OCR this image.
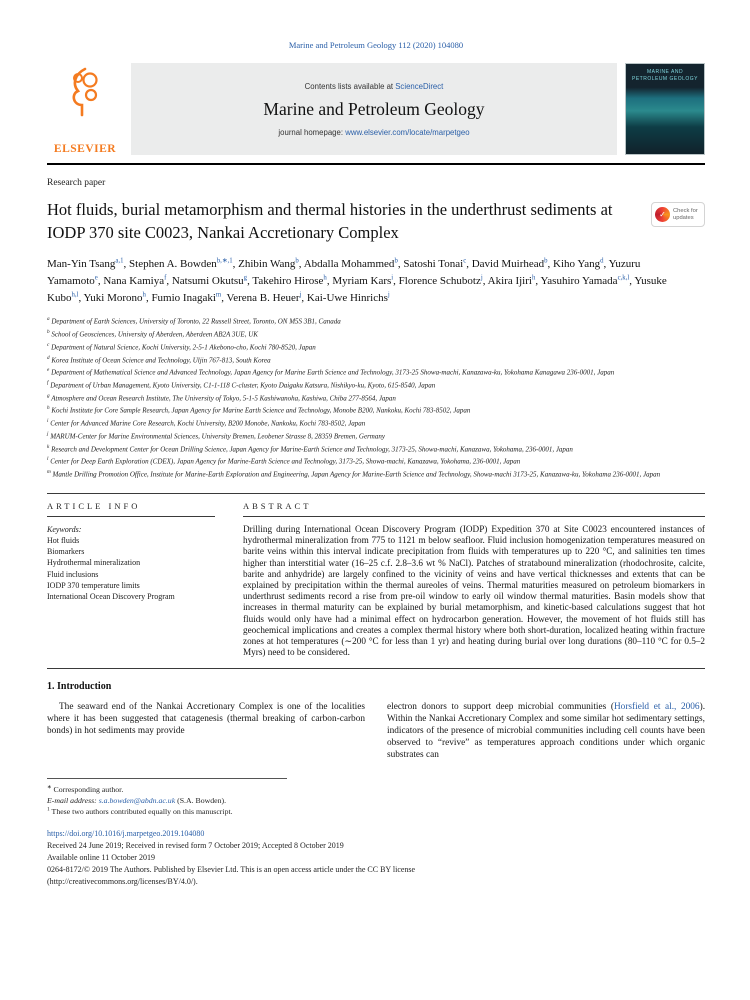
Marine and Petroleum Geology 112 (2020) 104080
ELSEVIER
Contents lists available at ScienceDirect
Marine and Petroleum Geology
journal homepage: www.elsevier.com/locate/marpetgeo
MARINE AND PETROLEUM GEOLOGY
Research paper
Hot fluids, burial metamorphism and thermal histories in the underthrust sediments at IODP 370 site C0023, Nankai Accretionary Complex
✓	Check for updates
Man-Yin Tsang$^{a,1}$, Stephen A. Bowden$^{b,∗,1}$, Zhibin Wang$^b$, Abdalla Mohammed$^b$, Satoshi Tonai$^c$, David Muirhead$^b$, Kiho Yang$^d$, Yuzuru Yamamoto$^e$, Nana Kamiya$^f$, Natsumi Okutsu$^g$, Takehiro Hirose$^h$, Myriam Kars$^i$, Florence Schubotz$^j$, Akira Ijiri$^h$, Yasuhiro Yamada$^{c,k,l}$, Yusuke Kubo$^{h,l}$, Yuki Morono$^h$, Fumio Inagaki$^m$, Verena B. Heuer$^j$, Kai-Uwe Hinrichs$^j$
$^a$ Department of Earth Sciences, University of Toronto, 22 Russell Street, Toronto, ON M5S 3B1, Canada
$^b$ School of Geosciences, University of Aberdeen, Aberdeen AB2A 3UE, UK
$^c$ Department of Natural Science, Kochi University, 2-5-1 Akebono-cho, Kochi 780-8520, Japan
$^d$ Korea Institute of Ocean Science and Technology, Uljin 767-813, South Korea
$^e$ Department of Mathematical Science and Advanced Technology, Japan Agency for Marine Earth Science and Technology, 3173-25 Showa-machi, Kanazawa-ku, Yokohama Kanagawa 236-0001, Japan
$^f$ Department of Urban Management, Kyoto University, C1-1-118 C-cluster, Kyoto Daigaku Katsura, Nishikyo-ku, Kyoto, 615-8540, Japan
$^g$ Atmosphere and Ocean Research Institute, The University of Tokyo, 5-1-5 Kashiwanoha, Kashiwa, Chiba 277-8564, Japan
$^h$ Kochi Institute for Core Sample Research, Japan Agency for Marine Earth Science and Technology, Monobe B200, Nankoku, Kochi 783-8502, Japan
$^i$ Center for Advanced Marine Core Research, Kochi University, B200 Monobe, Nankoku, Kochi 783-8502, Japan
$^j$ MARUM-Center for Marine Environmental Sciences, University Bremen, Leobener Strasse 8, 28359 Bremen, Germany
$^k$ Research and Development Center for Ocean Drilling Science, Japan Agency for Marine-Earth Science and Technology, 3173-25, Showa-machi, Kanazawa, Yokohama, 236-0001, Japan
$^l$ Center for Deep Earth Exploration (CDEX), Japan Agency for Marine-Earth Science and Technology, 3173-25, Showa-machi, Kanazawa, Yokohama, 236-0001, Japan
$^m$ Mantle Drilling Promotion Office, Institute for Marine-Earth Exploration and Engineering, Japan Agency for Marine-Earth Science and Technology, Showa-machi 3173-25, Kanazawa-ku, Yokohama 236-0001, Japan
ARTICLE INFO
Keywords:
Hot fluids
Biomarkers
Hydrothermal mineralization
Fluid inclusions
IODP 370 temperature limits
International Ocean Discovery Program
ABSTRACT
Drilling during International Ocean Discovery Program (IODP) Expedition 370 at Site C0023 encountered instances of hydrothermal mineralization from 775 to 1121 m below seafloor. Fluid inclusion homogenization temperatures measured on barite veins within this interval indicate precipitation from fluids with temperatures up to 220 °C, and salinities ten times higher than interstitial water (16–25 c.f. 2.8–3.6 wt % NaCl). Patches of stratabound mineralization (rhodochrosite, calcite, barite and anhydride) are largely confined to the vicinity of veins and have vertical thicknesses and extents that can be explained by precipitation within the thermal aureoles of veins. Thermal maturities measured on petroleum biomarkers in underthrust sediments record a rise from pre-oil window to early oil window thermal maturities. Basin models show that increases in thermal maturity can be explained by burial metamorphism, and kinetic-based calculations suggest that hot fluids would only have had a minimal effect on hydrocarbon generation. However, the movement of hot fluids still has geochemical implications and creates a complex thermal history where both short-duration, localized heating within fracture zones at hot temperatures (∼200 °C for less than 1 yr) and heating during burial over long durations (80–110 °C for 0.5–2 Myrs) need to be considered.
1. Introduction
The seaward end of the Nankai Accretionary Complex is one of the localities where it has been suggested that catagenesis (thermal breaking of carbon-carbon bonds) in hot sediments may provide
electron donors to support deep microbial communities (Horsfield et al., 2006). Within the Nankai Accretionary Complex and some similar hot sedimentary settings, indicators of the presence of microbial communities including cell counts have been observed to “revive” as temperatures approach conditions under which organic substrates can
∗ Corresponding author.
E-mail address: s.a.bowden@abdn.ac.uk (S.A. Bowden).
$^1$ These two authors contributed equally on this manuscript.
https://doi.org/10.1016/j.marpetgeo.2019.104080
Received 24 June 2019; Received in revised form 7 October 2019; Accepted 8 October 2019
Available online 11 October 2019
0264-8172/© 2019 The Authors. Published by Elsevier Ltd. This is an open access article under the CC BY license
(http://creativecommons.org/licenses/BY/4.0/).
